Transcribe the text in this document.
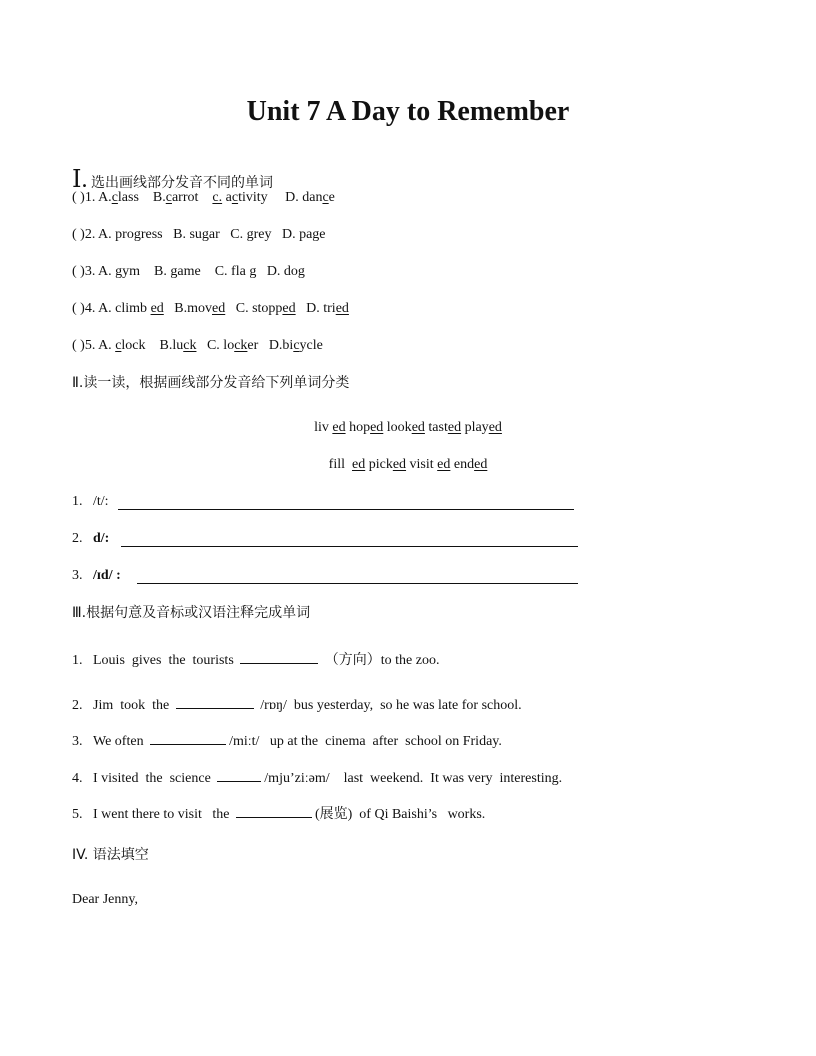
Unit 7 A Day to Remember
Ⅰ. 选出画线部分发音不同的单词
( )1. A.class B.carrot c. activity D. dance
( )2. A. progress   B. sugar   C. grey   D. page
( )3. A. gym    B. game    C. fla g   D. dog
( )4. A. climb ed B.moved C. stopped D. tried
( )5. A. clock B.luck C. locker D.bicycle
Ⅱ.读一读，根据画线部分发音给下列单词分类
liv ed hoped looked tasted played
fill  ed picked visit ed ended
1. /t/:
2. d/:
3. /ɪd/ :
Ⅲ.根据句意及音标或汉语注释完成单词
1. Louis  gives  the  tourists	（方向）to the zoo.
2. Jim  took  the	/rɒŋ/  bus yesterday,  so he was late for school.
3. We often	/miːt/   up at the  cinema  after  school on Friday.
4. I visited  the  science	/mju’ziːəm/    last  weekend.  It was very  interesting.
5. I went there to visit   the	(展览)  of Qi Baishi’s   works.
IV. 语法填空
Dear Jenny,
